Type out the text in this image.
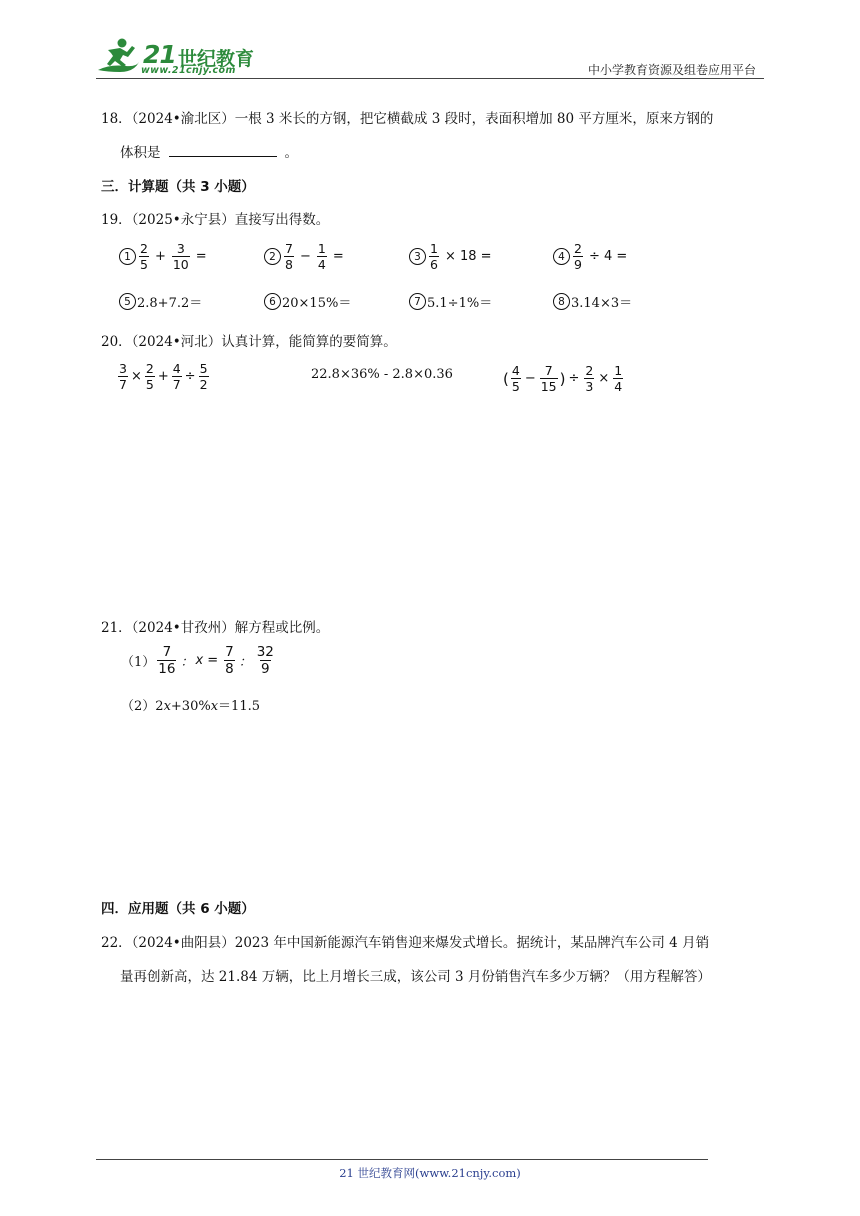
21 世纪教育
www.21cnjy.com	中小学教育资源及组卷应用平台
18．（2024•渝北区）一根 3 米长的方钢，把它横截成 3 段时，表面积增加 80 平方厘米，原来方钢的
体积是	。
三．计算题（共 3 小题）
19．（2025•永宁县）直接写出得数。
$1 \frac{2}{5} + \frac{3}{10}$ =	$2 \frac{7}{8} - \frac{1}{4}$ =	$3 \frac{1}{6} \times 18$ =	$4 \frac{2}{9} \div 4$ =
5 2.8+7.2＝	6 20×15%＝	7 5.1÷1%＝	8 3.14×3＝
20．（2024•河北）认真计算，能简算的要简算。
$\frac{3}{7} \times \frac{2}{5} + \frac{4}{7} \div \frac{5}{2}$	22.8×36% ‑ 2.8×0.36	( $\frac{4}{5} - \frac{7}{15}$ ) ÷ $\frac{2}{3} \times \frac{1}{4}$
21．（2024•甘孜州）解方程或比例。
$(1) \frac{7}{16}$ ： $x = \frac{7}{8}$ ： $\frac{32}{9}$
（2）2x+30%x＝11.5
四．应用题（共 6 小题）
22．（2024•曲阳县）2023 年中国新能源汽车销售迎来爆发式增长。据统计，某品牌汽车公司 4 月销
量再创新高，达 21.84 万辆，比上月增长三成，该公司 3 月份销售汽车多少万辆？（用方程解答）
21 世纪教育网(www.21cnjy.com)
